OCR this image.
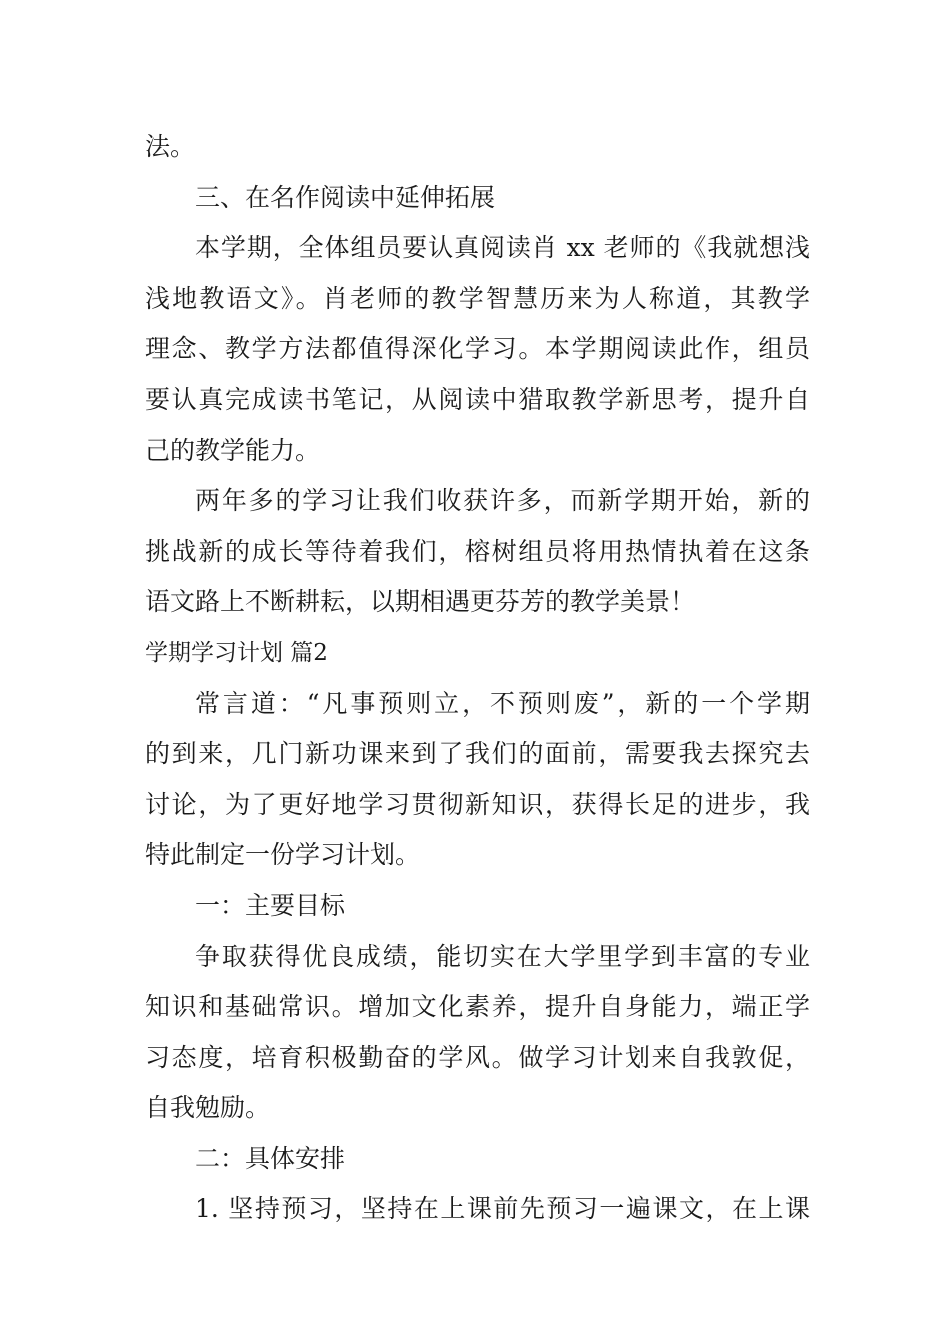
法。
三、在名作阅读中延伸拓展
本学期，全体组员要认真阅读肖 xx 老师的《我就想浅
浅地教语文》。肖老师的教学智慧历来为人称道，其教学
理念、教学方法都值得深化学习。本学期阅读此作，组员
要认真完成读书笔记，从阅读中猎取教学新思考，提升自
己的教学能力。
两年多的学习让我们收获许多，而新学期开始，新的
挑战新的成长等待着我们，榕树组员将用热情执着在这条
语文路上不断耕耘，以期相遇更芬芳的教学美景！
学期学习计划 篇2
常言道：“凡事预则立，不预则废”，新的一个学期
的到来，几门新功课来到了我们的面前，需要我去探究去
讨论，为了更好地学习贯彻新知识，获得长足的进步，我
特此制定一份学习计划。
一：主要目标
争取获得优良成绩，能切实在大学里学到丰富的专业
知识和基础常识。增加文化素养，提升自身能力，端正学
习态度，培育积极勤奋的学风。做学习计划来自我敦促，
自我勉励。
二：具体安排
1. 坚持预习，坚持在上课前先预习一遍课文，在上课
